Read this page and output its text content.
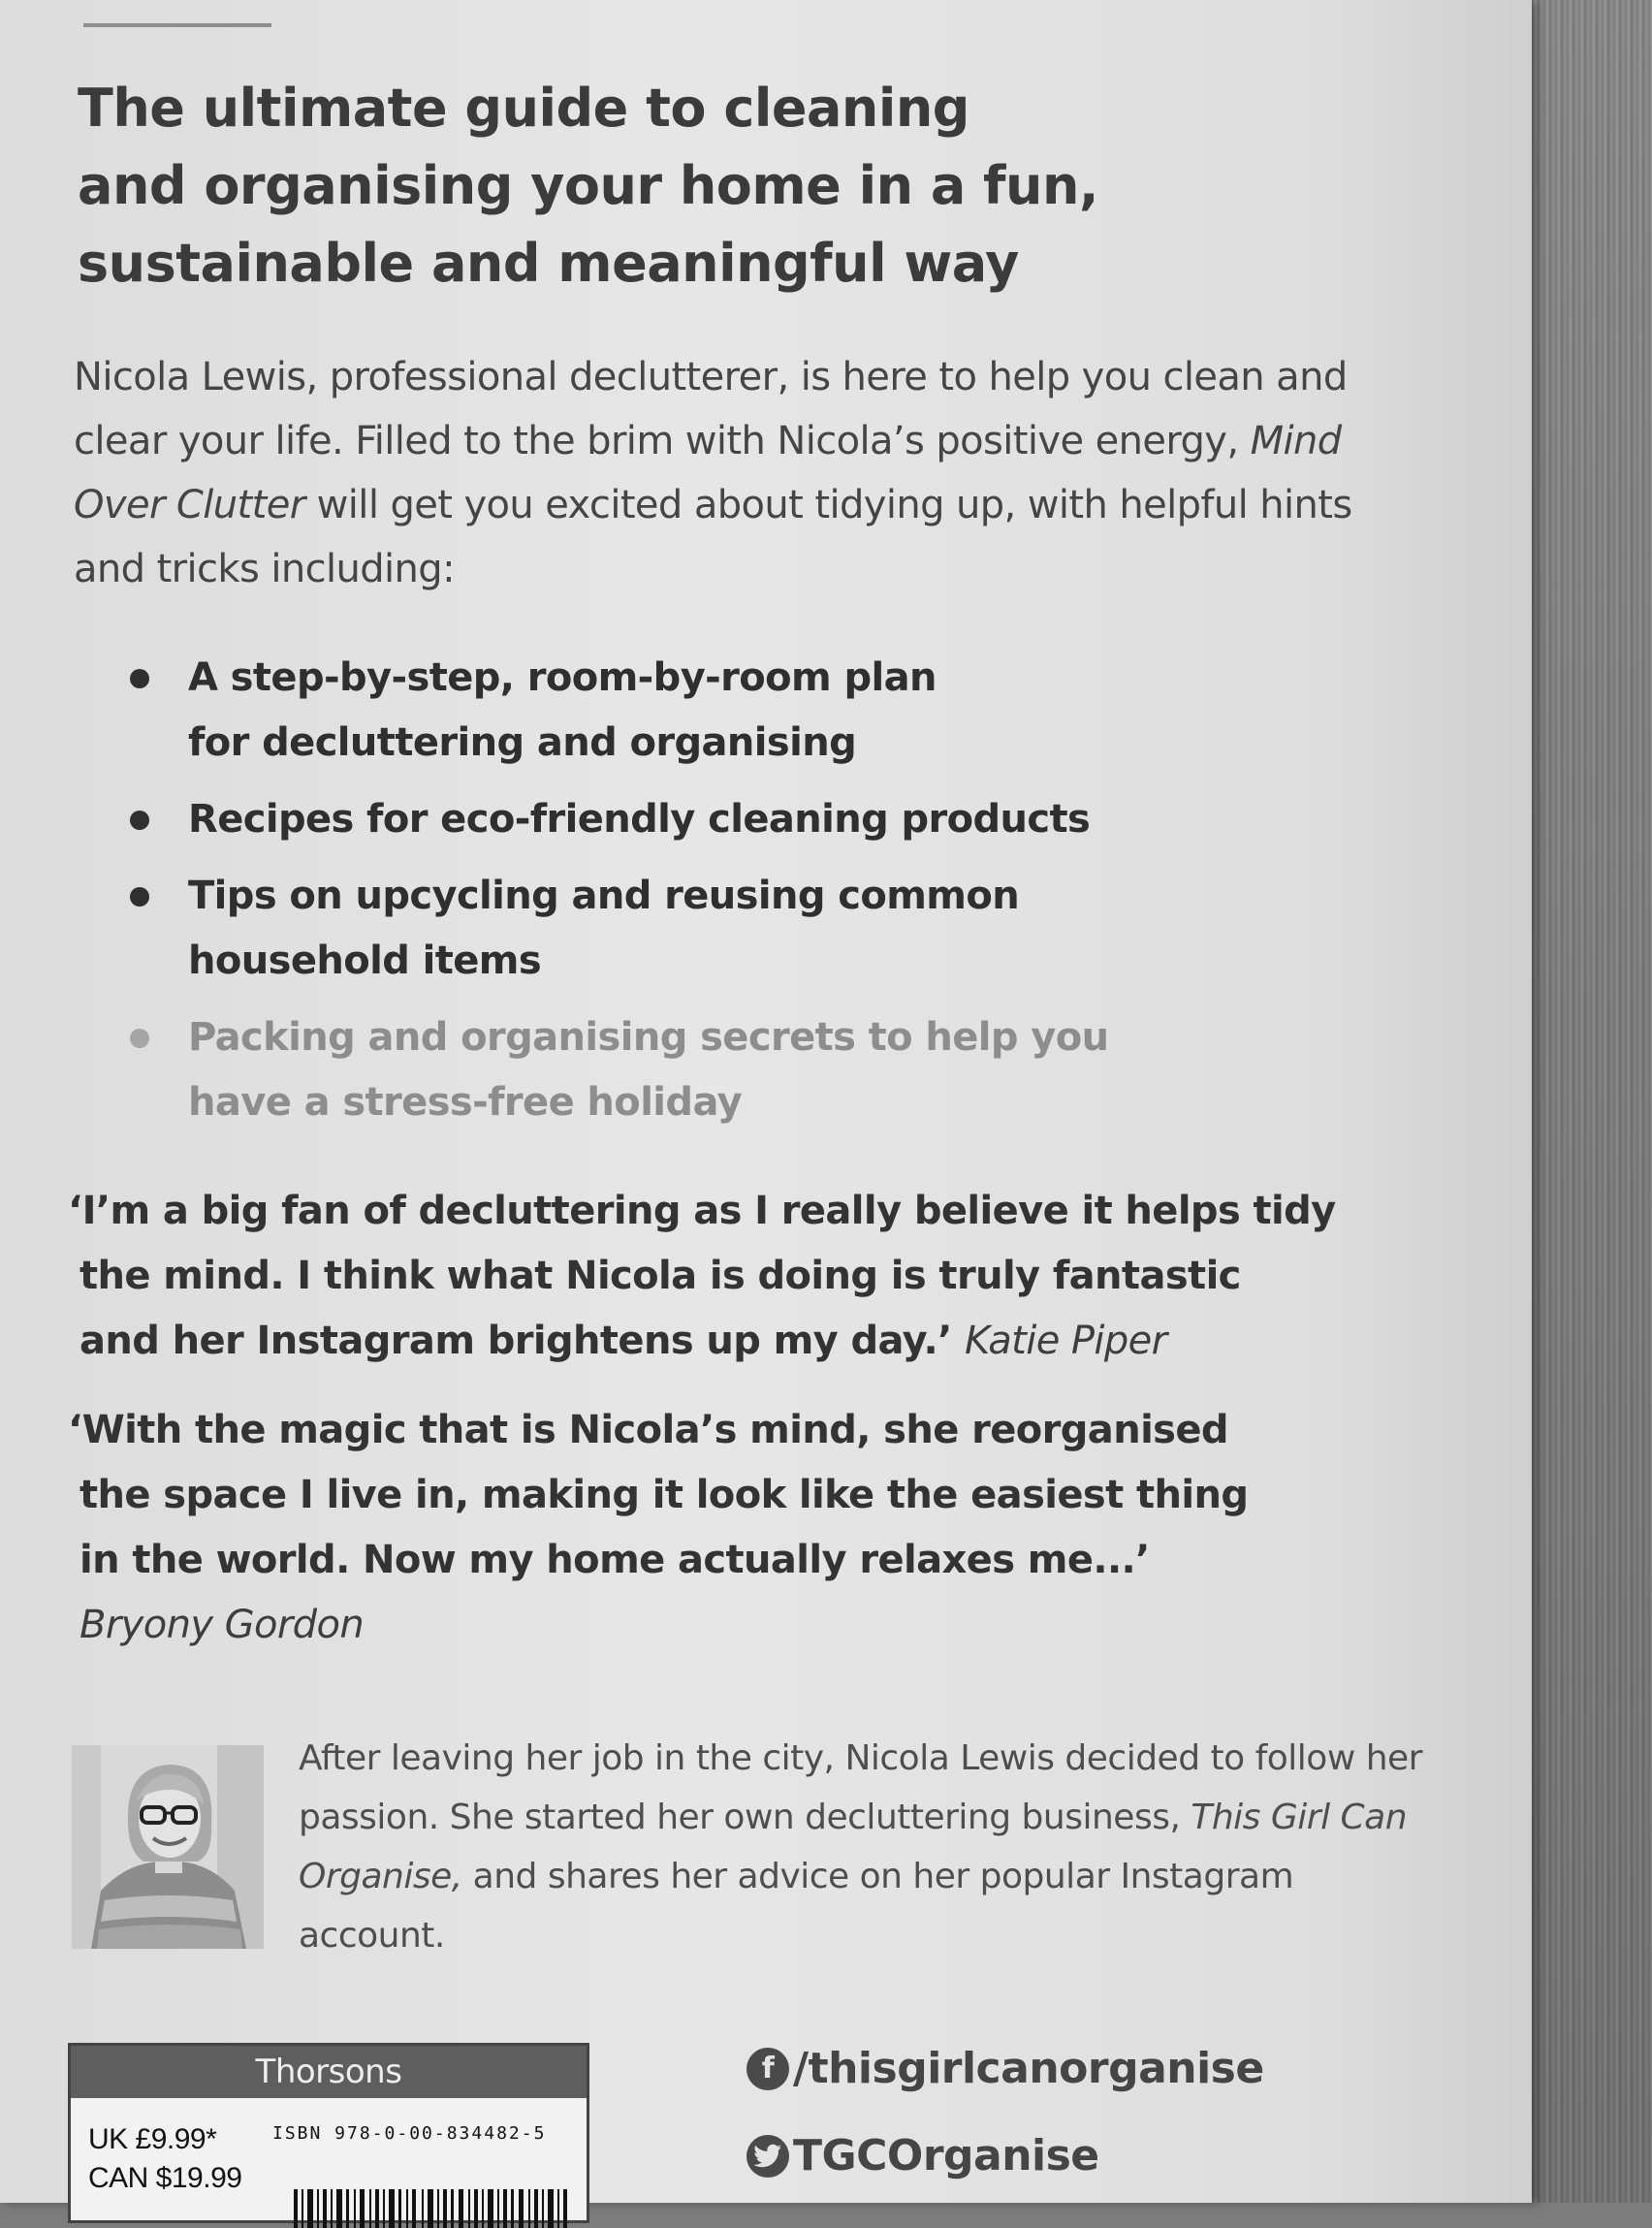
The ultimate guide to cleaning
and organising your home in a fun,
sustainable and meaningful way

Nicola Lewis, professional declutterer, is here to help you clean and clear your life. Filled to the brim with Nicola’s positive energy, Mind Over Clutter will get you excited about tidying up, with helpful hints and tricks including:

A step-by-step, room-by-room plan
for decluttering and organising
Recipes for eco-friendly cleaning products
Tips on upcycling and reusing common
household items
Packing and organising secrets to help you
have a stress-free holiday

‘I’m a big fan of decluttering as I really believe it helps tidy
the mind. I think what Nicola is doing is truly fantastic
and her Instagram brightens up my day.’ Katie Piper

‘With the magic that is Nicola’s mind, she reorganised
the space I live in, making it look like the easiest thing
in the world. Now my home actually relaxes me...’
Bryony Gordon

After leaving her job in the city, Nicola Lewis decided to follow her passion. She started her own decluttering business, This Girl Can Organise, and shares her advice on her popular Instagram account.

Thorsons
UK £9.99*
CAN $19.99
ISBN 978-0-00-834482-5
f /thisgirlcanorganise
TGCOrganise
